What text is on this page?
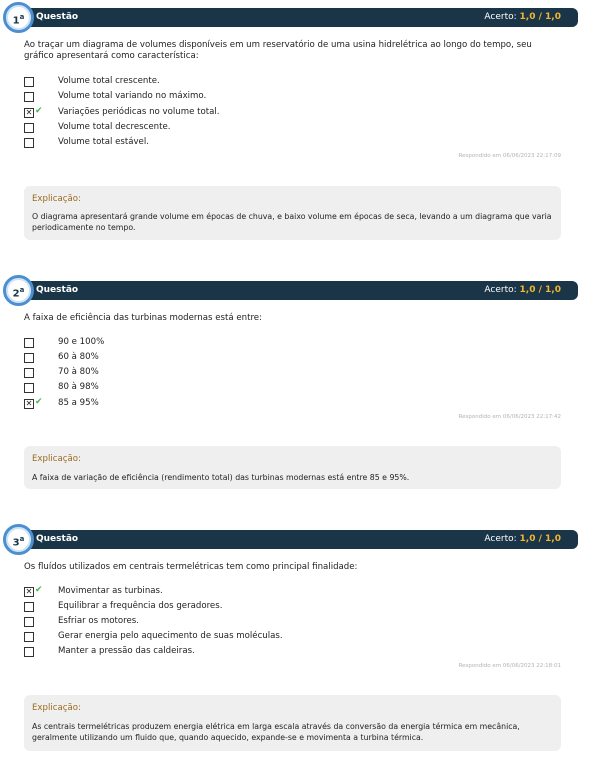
Questão	Acerto: 1,0 / 1,0
1$^a$
Ao traçar um diagrama de volumes disponíveis em um reservatório de uma usina hidrelétrica ao longo do tempo, seu gráfico apresentará como característica:
Volume total crescente.
Volume total variando no máximo.
✕ ✔ Variações periódicas no volume total.
Volume total decrescente.
Volume total estável.
Respondido em 06/06/2023 22:17:09
Explicação:
O diagrama apresentará grande volume em épocas de chuva, e baixo volume em épocas de seca, levando a um diagrama que varia periodicamente no tempo.
Questão	Acerto: 1,0 / 1,0
2$^a$
A faixa de eficiência das turbinas modernas está entre:
90 e 100%
60 à 80%
70 à 80%
80 à 98%
✕ ✔ 85 a 95%
Respondido em 06/06/2023 22:17:42
Explicação:
A faixa de variação de eficiência (rendimento total) das turbinas modernas está entre 85 e 95%.
Questão	Acerto: 1,0 / 1,0
3$^a$
Os fluídos utilizados em centrais termelétricas tem como principal finalidade:
✕ ✔ Movimentar as turbinas.
Equilibrar a frequência dos geradores.
Esfriar os motores.
Gerar energia pelo aquecimento de suas moléculas.
Manter a pressão das caldeiras.
Respondido em 06/06/2023 22:18:01
Explicação:
As centrais termelétricas produzem energia elétrica em larga escala através da conversão da energia térmica em mecânica, geralmente utilizando um fluido que, quando aquecido, expande-se e movimenta a turbina térmica.
